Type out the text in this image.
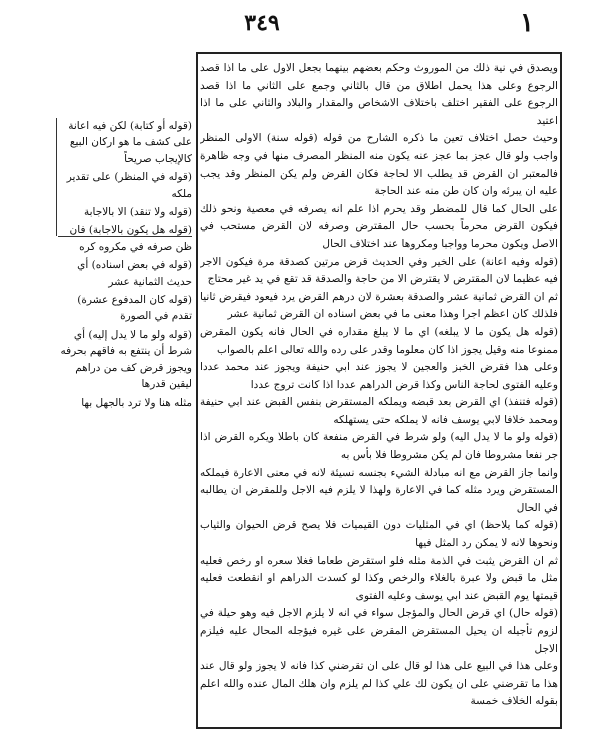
٣٤٩	١

(قوله أو كتابة) لكن فيه اعانة على كشف ما هو اركان البيع كالإيجاب صريحاً

(قوله في المنظر) على تقدير ملكه

(قوله ولا تنقد) الا بالاجابة

(قوله هل يكون بالاجابة) فان ظن صرفه في مكروه كره

(قوله في بعض اسناده) أي حديث الثمانية عشر

(قوله كان المدفوع عشرة) تقدم في الصورة

(قوله ولو ما لا يدل إليه) أي شرط أن ينتفع به فاقهم بحرفه ويجوز قرض كف من دراهم ليقين قدرها

مثله هنا ولا ترد بالجهل بها

ويصدق في نية ذلك من الموروث وحكم بعضهم بينهما بجعل الاول على ما اذا قصد الرجوع وعلى هذا يحمل اطلاق من قال بالثاني وجمع على الثاني ما اذا قصد الرجوع على الفقير اختلف باختلاف الاشخاص والمقدار والبلاد والثاني على ما اذا اعتيد

وحيث حصل اختلاف تعين ما ذكره الشارح من قوله (قوله سنة) الاولى المنظر واجب ولو قال عجز بما عجز عنه يكون منه المنظر المصرف منها في وجه ظاهرة فالمعتبر ان القرض قد يطلب الا لحاجة فكان القرض ولم يكن المنظر وقد يجب عليه ان يبرئه وان كان طن منه عند الحاجة

على الحال كما قال للمضطر وقد يحرم اذا علم انه يصرفه في معصية ونحو ذلك فيكون القرض محرماً بحسب حال المقترض وصرفه لان القرض مستحب في الاصل ويكون محرما وواجبا ومكروها عند اختلاف الحال

(قوله وفيه اعانة) على الخير وفي الحديث قرض مرتين كصدقة مرة فيكون الاجر فيه عظيما لان المقترض لا يقترض الا من حاجة والصدقة قد تقع في يد غير محتاج

ثم ان القرض ثمانية عشر والصدقة بعشرة لان درهم القرض يرد فيعود فيقرض ثانيا فلذلك كان اعظم اجرا وهذا معنى ما في بعض اسناده ان القرض ثمانية عشر

(قوله هل يكون ما لا يبلغه) اي ما لا يبلغ مقداره في الحال فانه يكون المقرض ممنوعا منه وقيل يجوز اذا كان معلوما وقدر على رده والله تعالى اعلم بالصواب

وعلى هذا فقرض الخبز والعجين لا يجوز عند ابي حنيفة ويجوز عند محمد عددا وعليه الفتوى لحاجة الناس وكذا قرض الدراهم عددا اذا كانت تروج عددا

(قوله فتنفذ) اي القرض بعد قبضه ويملكه المستقرض بنفس القبض عند ابي حنيفة ومحمد خلافا لابي يوسف فانه لا يملكه حتى يستهلكه

(قوله ولو ما لا يدل اليه) ولو شرط في القرض منفعة كان باطلا ويكره القرض اذا جر نفعا مشروطا فان لم يكن مشروطا فلا بأس به

وانما جاز القرض مع انه مبادلة الشيء بجنسه نسيئة لانه في معنى الاعارة فيملكه المستقرض ويرد مثله كما في الاعارة ولهذا لا يلزم فيه الاجل وللمقرض ان يطالبه في الحال

(قوله كما يلاحظ) اي في المثليات دون القيميات فلا يصح قرض الحيوان والثياب ونحوها لانه لا يمكن رد المثل فيها

ثم ان القرض يثبت في الذمة مثله فلو استقرض طعاما فغلا سعره او رخص فعليه مثل ما قبض ولا عبرة بالغلاء والرخص وكذا لو كسدت الدراهم او انقطعت فعليه قيمتها يوم القبض عند ابي يوسف وعليه الفتوى

(قوله حال) اي قرض الحال والمؤجل سواء في انه لا يلزم الاجل فيه وهو حيلة في لزوم تأجيله ان يحيل المستقرض المقرض على غيره فيؤجله المحال عليه فيلزم الاجل

وعلى هذا في البيع على هذا لو قال على ان تقرضني كذا فانه لا يجوز ولو قال عند هذا ما تقرضني على ان يكون لك علي كذا لم يلزم وان هلك المال عنده والله اعلم بقوله الخلاف خمسة
